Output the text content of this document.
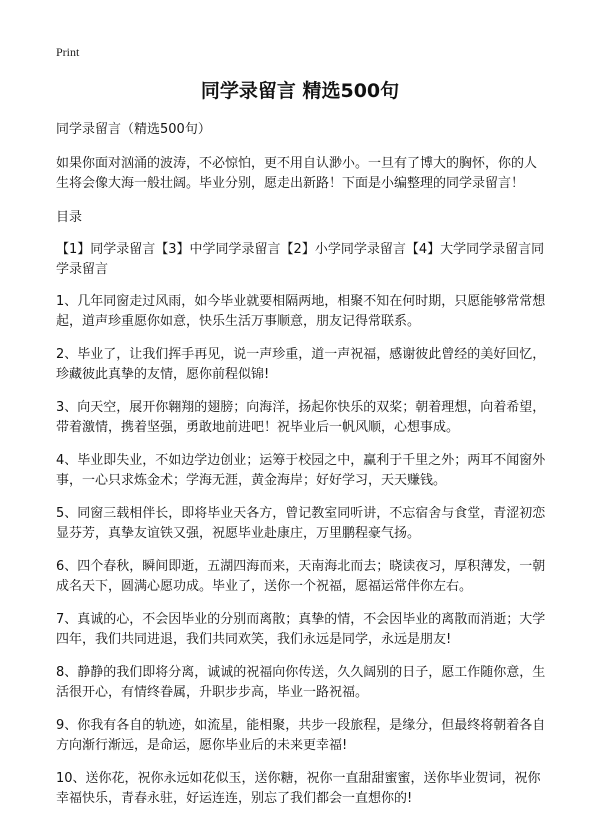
Print
同学录留言 精选500句

同学录留言（精选500句）

如果你面对汹涌的波涛，不必惊怕，更不用自认渺小。一旦有了博大的胸怀，你的人生将会像大海一般壮阔。毕业分别，愿走出新路！下面是小编整理的同学录留言！

目录

【1】同学录留言【3】中学同学录留言【2】小学同学录留言【4】大学同学录留言同学录留言

1、几年同窗走过风雨，如今毕业就要相隔两地，相聚不知在何时期，只愿能够常常想起，道声珍重愿你如意，快乐生活万事顺意，朋友记得常联系。

2、毕业了，让我们挥手再见，说一声珍重，道一声祝福，感谢彼此曾经的美好回忆，珍藏彼此真挚的友情，愿你前程似锦!

3、向天空，展开你翱翔的翅膀；向海洋，扬起你快乐的双桨；朝着理想，向着希望，带着激情，携着坚强，勇敢地前进吧！祝毕业后一帆风顺，心想事成。

4、毕业即失业，不如边学边创业；运筹于校园之中，赢利于千里之外；两耳不闻窗外事，一心只求炼金术；学海无涯，黄金海岸；好好学习，天天赚钱。

5、同窗三载相伴长，即将毕业天各方，曾记教室同听讲，不忘宿舍与食堂，青涩初恋显芬芳，真挚友谊铁又强，祝愿毕业赴康庄，万里鹏程豪气扬。

6、四个春秋，瞬间即逝，五湖四海而来，天南海北而去；晓读夜习，厚积薄发，一朝成名天下，圆满心愿功成。毕业了，送你一个祝福，愿福运常伴你左右。

7、真诚的心，不会因毕业的分别而离散；真挚的情，不会因毕业的离散而消逝；大学四年，我们共同进退，我们共同欢笑，我们永远是同学，永远是朋友!

8、静静的我们即将分离，诚诚的祝福向你传送，久久阔别的日子，愿工作随你意，生活很开心，有情终眷属，升职步步高，毕业一路祝福。

9、你我有各自的轨迹，如流星，能相聚，共步一段旅程，是缘分，但最终将朝着各自方向渐行渐远，是命运，愿你毕业后的未来更幸福!

10、送你花，祝你永远如花似玉，送你糖，祝你一直甜甜蜜蜜，送你毕业贺词，祝你幸福快乐，青春永驻，好运连连，别忘了我们都会一直想你的!
